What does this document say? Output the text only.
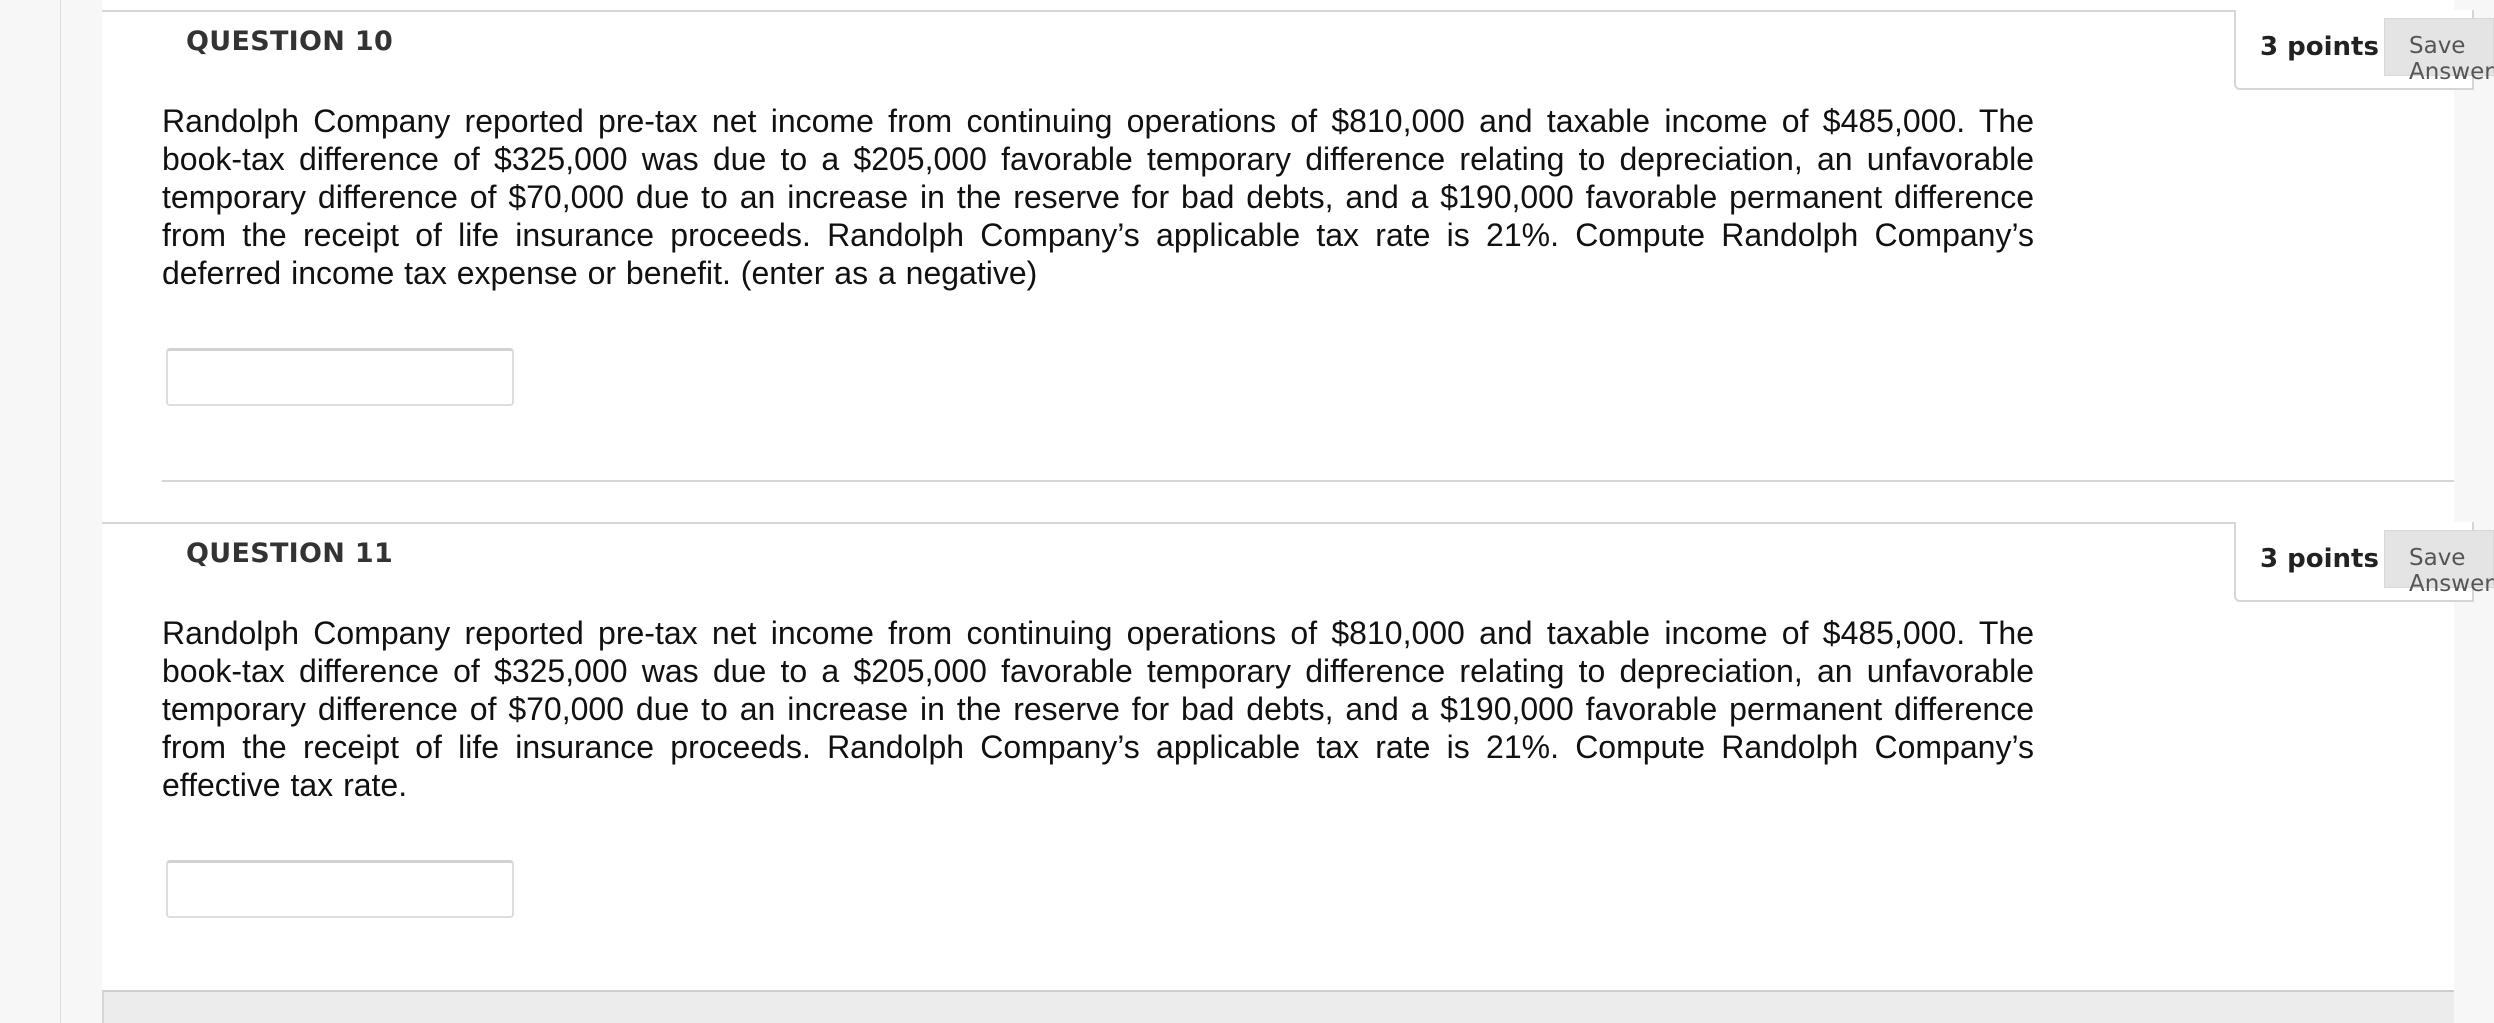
QUESTION 10	3 points	Save Answer

Randolph Company reported pre-tax net income from continuing operations of $810,000 and taxable income of $485,000. The book-tax difference of $325,000 was due to a $205,000 favorable temporary difference relating to depreciation, an unfavorable temporary difference of $70,000 due to an increase in the reserve for bad debts, and a $190,000 favorable permanent difference from the receipt of life insurance proceeds. Randolph Company’s applicable tax rate is 21%. Compute Randolph Company’s deferred income tax expense or benefit. (enter as a negative)

QUESTION 11	3 points	Save Answer

Randolph Company reported pre-tax net income from continuing operations of $810,000 and taxable income of $485,000. The book-tax difference of $325,000 was due to a $205,000 favorable temporary difference relating to depreciation, an unfavorable temporary difference of $70,000 due to an increase in the reserve for bad debts, and a $190,000 favorable permanent difference from the receipt of life insurance proceeds. Randolph Company’s applicable tax rate is 21%. Compute Randolph Company’s effective tax rate.
